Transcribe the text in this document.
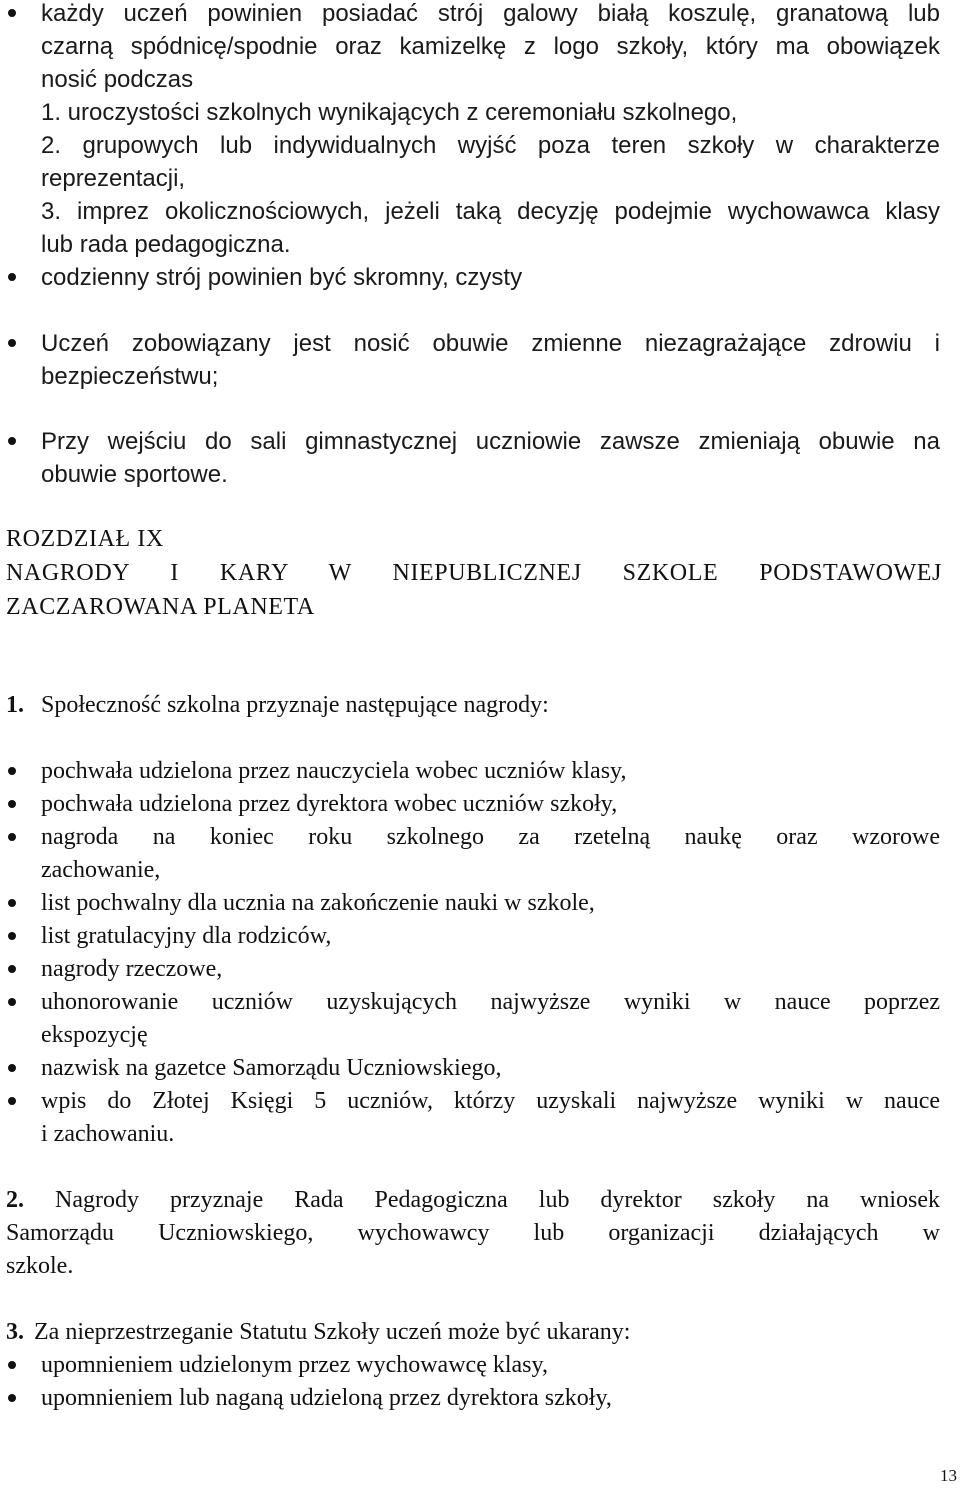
każdy uczeń powinien posiadać strój galowy białą koszulę, granatową lub
czarną spódnicę/spodnie oraz kamizelkę z logo szkoły, który ma obowiązek
nosić podczas
1. uroczystości szkolnych wynikających z ceremoniału szkolnego,
2. grupowych lub indywidualnych wyjść poza teren szkoły w charakterze
reprezentacji,
3. imprez okolicznościowych, jeżeli taką decyzję podejmie wychowawca klasy
lub rada pedagogiczna.
codzienny strój powinien być skromny, czysty
Uczeń zobowiązany jest nosić obuwie zmienne niezagrażające zdrowiu i
bezpieczeństwu;
Przy wejściu do sali gimnastycznej uczniowie zawsze zmieniają obuwie na
obuwie sportowe.
ROZDZIAŁ IX
NAGRODY I KARY W NIEPUBLICZNEJ SZKOLE PODSTAWOWEJ
ZACZAROWANA PLANETA
1. Społeczność szkolna przyznaje następujące nagrody:
pochwała udzielona przez nauczyciela wobec uczniów klasy,
pochwała udzielona przez dyrektora wobec uczniów szkoły,
nagroda na koniec roku szkolnego za rzetelną naukę oraz wzorowe
zachowanie,
list pochwalny dla ucznia na zakończenie nauki w szkole,
list gratulacyjny dla rodziców,
nagrody rzeczowe,
uhonorowanie uczniów uzyskujących najwyższe wyniki w nauce poprzez
ekspozycję
nazwisk na gazetce Samorządu Uczniowskiego,
wpis do Złotej Księgi 5 uczniów, którzy uzyskali najwyższe wyniki w nauce
i zachowaniu.
2. Nagrody przyznaje Rada Pedagogiczna lub dyrektor szkoły na wniosek
Samorządu Uczniowskiego, wychowawcy lub organizacji działających w
szkole.
3. Za nieprzestrzeganie Statutu Szkoły uczeń może być ukarany:
upomnieniem udzielonym przez wychowawcę klasy,
upomnieniem lub naganą udzieloną przez dyrektora szkoły,
13
